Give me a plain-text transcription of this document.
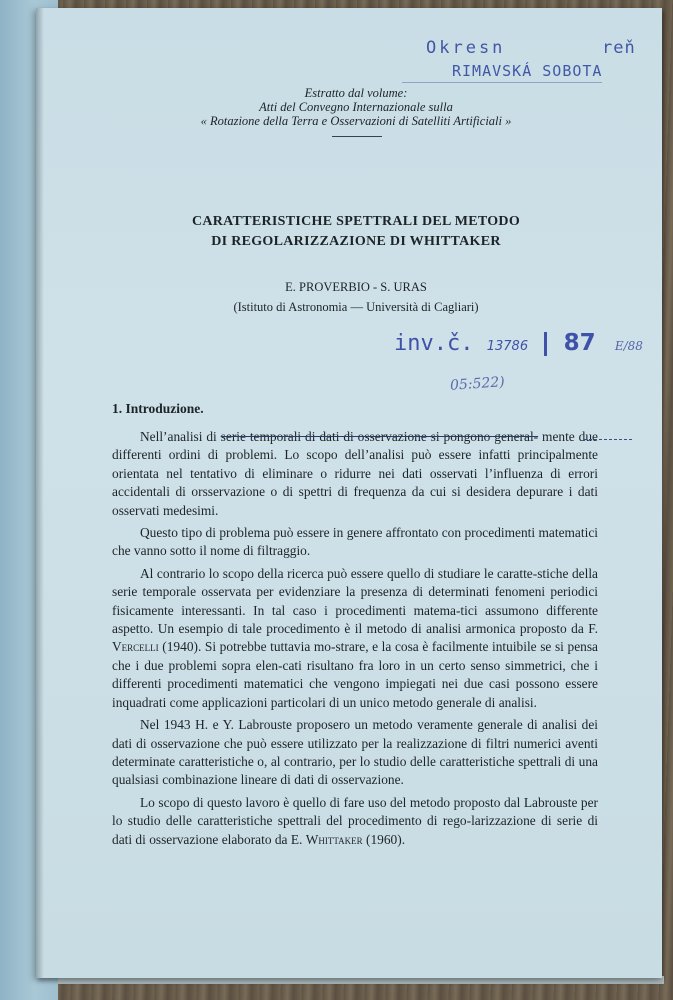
Okresn	reň
RIMAVSKÁ SOBOTA
Estratto dal volume:
Atti del Convegno Internazionale sulla
« Rotazione della Terra e Osservazioni di Satelliti Artificiali »
CARATTERISTICHE SPETTRALI DEL METODO
DI REGOLARIZZAZIONE DI WHITTAKER
E. PROVERBIO - S. URAS
(Istituto di Astronomia — Università di Cagliari)
inv.č. 13786 87 E/88
05:522)
1. Introduzione.

Nell’analisi di serie temporali di dati di osservazione si pongono general- mente due differenti ordini di problemi. Lo scopo dell’analisi può essere infatti principalmente orientata nel tentativo di eliminare o ridurre nei dati osservati l’influenza di errori accidentali di orsservazione o di spettri di frequenza da cui si desidera depurare i dati osservati medesimi.

Questo tipo di problema può essere in genere affrontato con procedimenti matematici che vanno sotto il nome di filtraggio.

Al contrario lo scopo della ricerca può essere quello di studiare le caratte-stiche della serie temporale osservata per evidenziare la presenza di determinati fenomeni periodici fisicamente interessanti. In tal caso i procedimenti matema-tici assumono differente aspetto. Un esempio di tale procedimento è il metodo di analisi armonica proposto da F. Vercelli (1940). Si potrebbe tuttavia mo-strare, e la cosa è facilmente intuibile se si pensa che i due problemi sopra elen-cati risultano fra loro in un certo senso simmetrici, che i differenti procedimenti matematici che vengono impiegati nei due casi possono essere inquadrati come applicazioni particolari di un unico metodo generale di analisi.

Nel 1943 H. e Y. Labrouste proposero un metodo veramente generale di analisi dei dati di osservazione che può essere utilizzato per la realizzazione di filtri numerici aventi determinate caratteristiche o, al contrario, per lo studio delle caratteristiche spettrali di una qualsiasi combinazione lineare di dati di osservazione.

Lo scopo di questo lavoro è quello di fare uso del metodo proposto dal Labrouste per lo studio delle caratteristiche spettrali del procedimento di rego-larizzazione di serie di dati di osservazione elaborato da E. Whittaker (1960).
